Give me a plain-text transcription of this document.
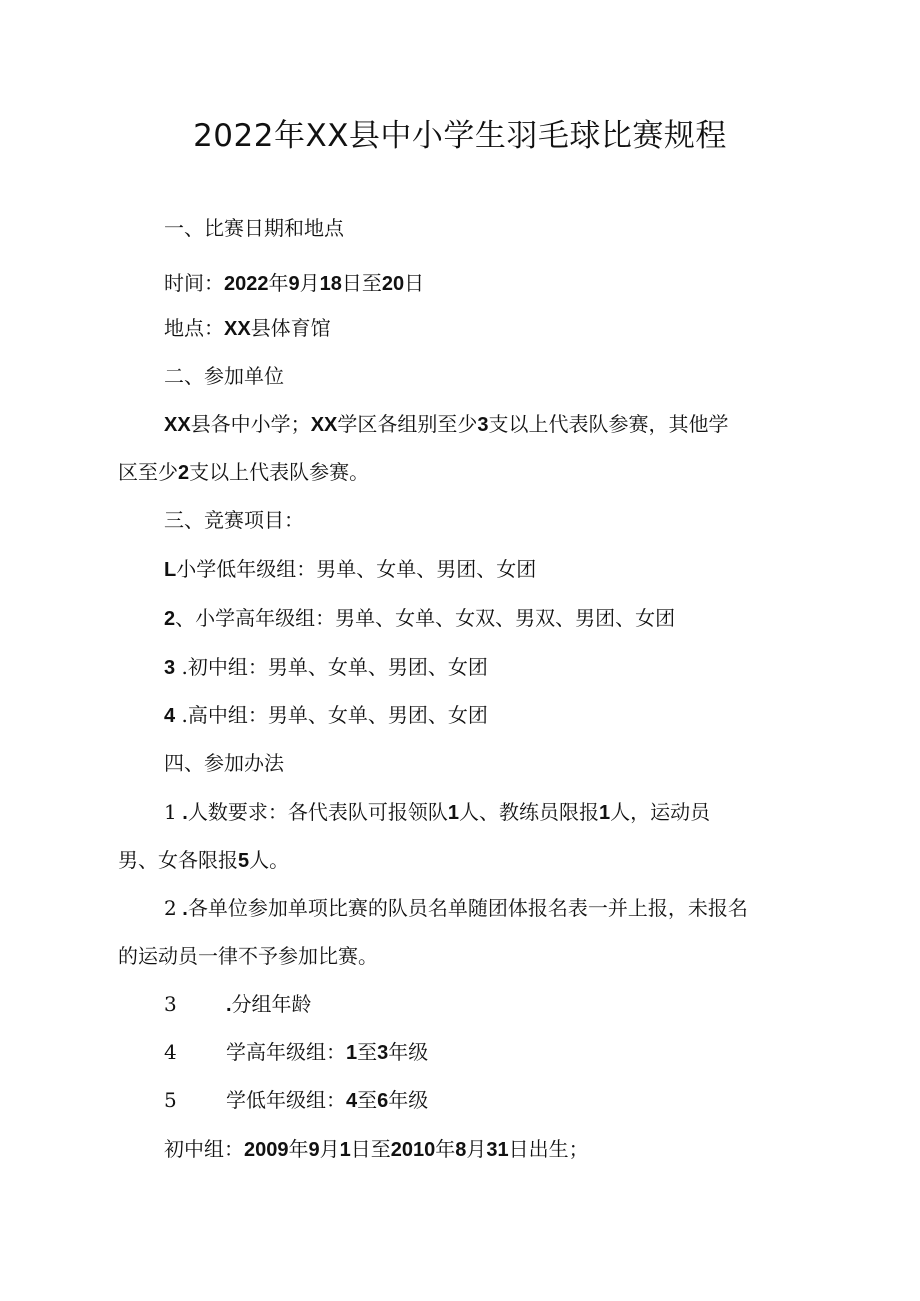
2022年XX县中小学生羽毛球比赛规程
一、比赛日期和地点
时间：2022年9月18日至20日
地点：XX县体育馆
二、参加单位
XX县各中小学；XX学区各组别至少3支以上代表队参赛，其他学
区至少2支以上代表队参赛。
三、竞赛项目：
L小学低年级组：男单、女单、男团、女团
2、小学高年级组：男单、女单、女双、男双、男团、女团
3 .初中组：男单、女单、男团、女团
4 .高中组：男单、女单、男团、女团
四、参加办法
1 .人数要求：各代表队可报领队1人、教练员限报1人，运动员
男、女各限报5人。
2 .各单位参加单项比赛的队员名单随团体报名表一并上报，未报名
的运动员一律不予参加比赛。
3 .分组年龄
4 学高年级组：1至3年级
5 学低年级组：4至6年级
初中组：2009年9月1日至2010年8月31日出生；
